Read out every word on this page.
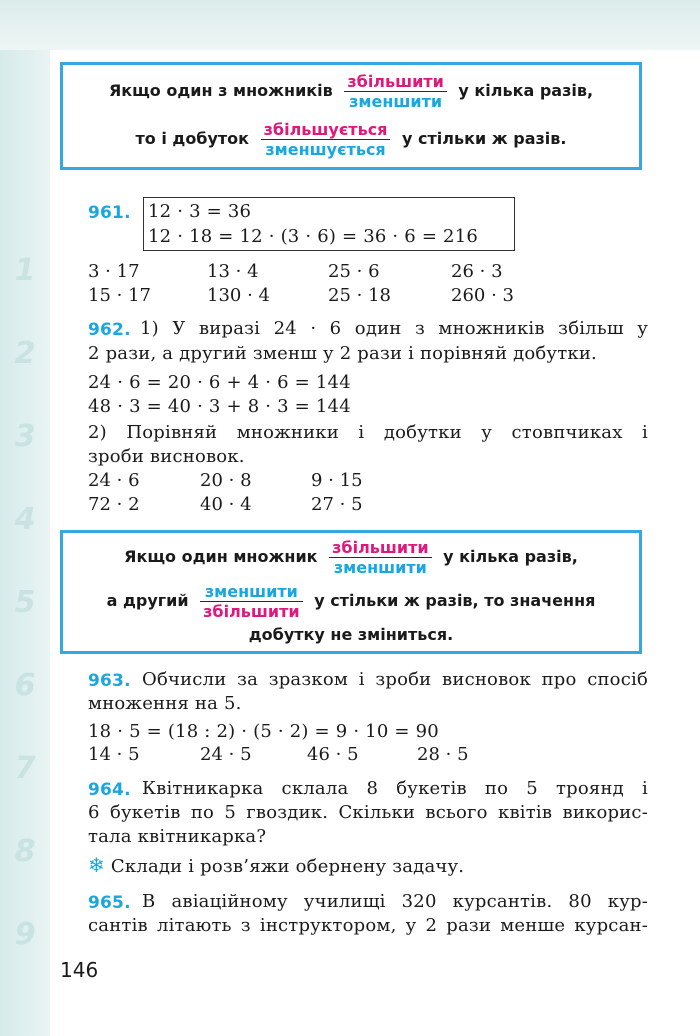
1
2
3
4
5
6
7
8
9
Якщо один з множників $\frac{\text{збільшити}}{\text{зменшити}}$ у кілька разів,
то і добуток $\frac{\text{збільшується}}{\text{зменшується}}$ у стільки ж разів.
961. 12 · 3 = 36
12 · 18 = 12 · (3 · 6) = 36 · 6 = 216
3 · 17	13 · 4	25 · 6	26 · 3
15 · 17	130 · 4	25 · 18	260 · 3
962. 1) У виразі 24 · 6 один з множників збільш у
2 рази, а другий зменш у 2 рази і порівняй добутки.
24 · 6 = 20 · 6 + 4 · 6 = 144
48 · 3 = 40 · 3 + 8 · 3 = 144
2) Порівняй множники і добутки у стовпчиках і
зроби висновок.
24 · 6	20 · 8	9 · 15
72 · 2	40 · 4	27 · 5
Якщо один множник $\frac{\text{збільшити}}{\text{зменшити}}$ у кілька разів,
а другий $\frac{\text{зменшити}}{\text{збільшити}}$ у стільки ж разів, то значення
добутку не зміниться.
963. Обчисли за зразком і зроби висновок про спосіб
множення на 5.
18 · 5 = (18 : 2) · (5 · 2) = 9 · 10 = 90
14 · 5	24 · 5	46 · 5	28 · 5
964. Квітникарка склала 8 букетів по 5 троянд і
6 букетів по 5 гвоздик. Скільки всього квітів викорис-
тала квітникарка?
❄ Склади і розв’яжи обернену задачу.
965. В авіаційному училищі 320 курсантів. 80 кур-
сантів літають з інструктором, у 2 рази менше курсан-
146
